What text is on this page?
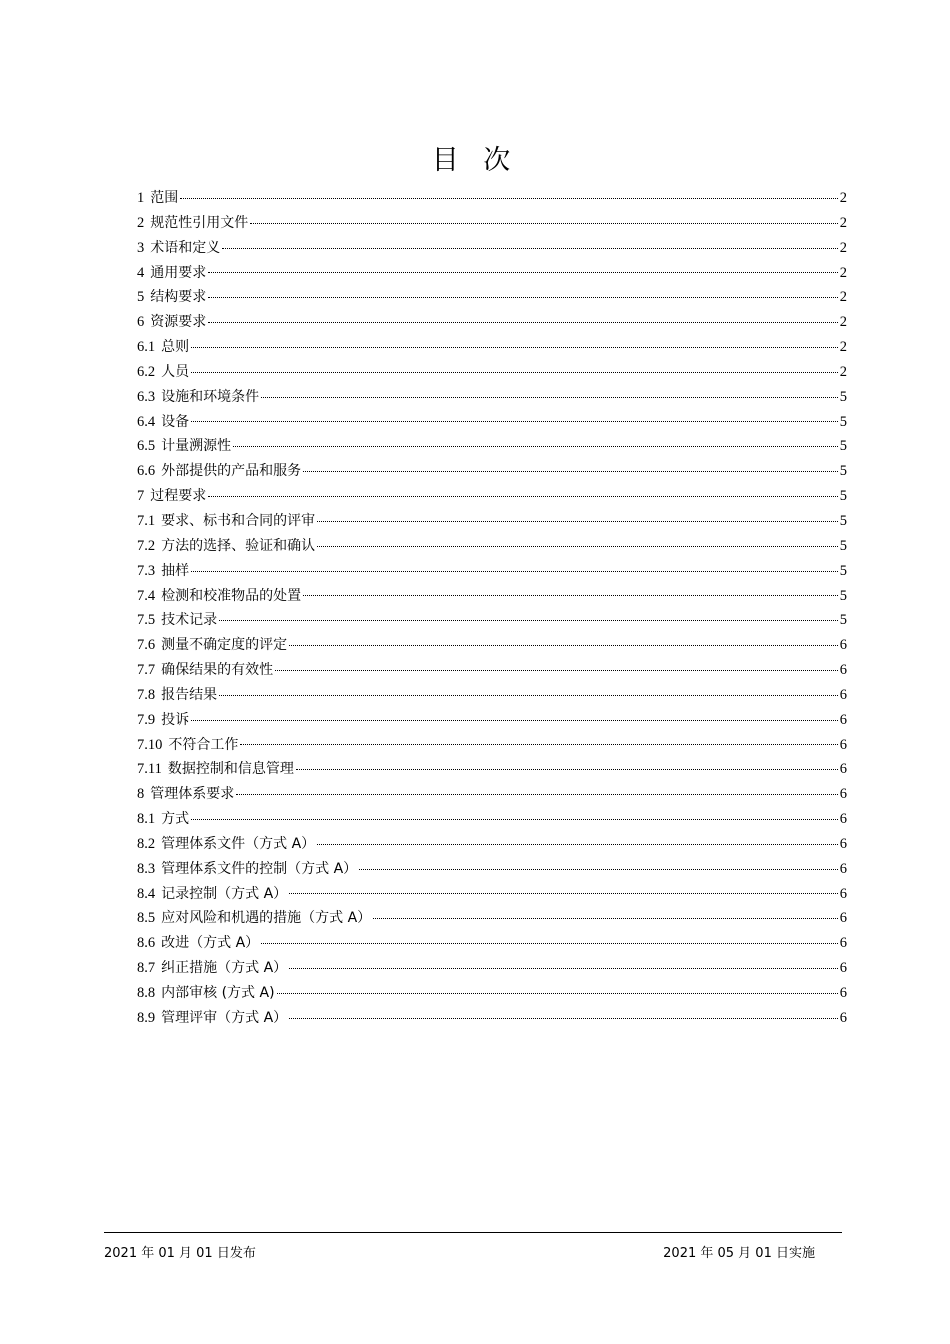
目 次
1 范围	2
2 规范性引用文件	2
3 术语和定义	2
4 通用要求	2
5 结构要求	2
6 资源要求	2
6.1 总则	2
6.2 人员	2
6.3 设施和环境条件	5
6.4 设备	5
6.5 计量溯源性	5
6.6 外部提供的产品和服务	5
7 过程要求	5
7.1 要求、标书和合同的评审	5
7.2 方法的选择、验证和确认	5
7.3 抽样	5
7.4 检测和校准物品的处置	5
7.5 技术记录	5
7.6 测量不确定度的评定	6
7.7 确保结果的有效性	6
7.8 报告结果	6
7.9 投诉	6
7.10 不符合工作	6
7.11 数据控制和信息管理	6
8 管理体系要求	6
8.1 方式	6
8.2 管理体系文件（方式 A）	6
8.3 管理体系文件的控制（方式 A）	6
8.4 记录控制（方式 A）	6
8.5 应对风险和机遇的措施（方式 A）	6
8.6 改进（方式 A）	6
8.7 纠正措施（方式 A）	6
8.8 内部审核 (方式 A)	6
8.9 管理评审（方式 A）	6
2021 年 01 月 01 日发布	2021 年 05 月 01 日实施
